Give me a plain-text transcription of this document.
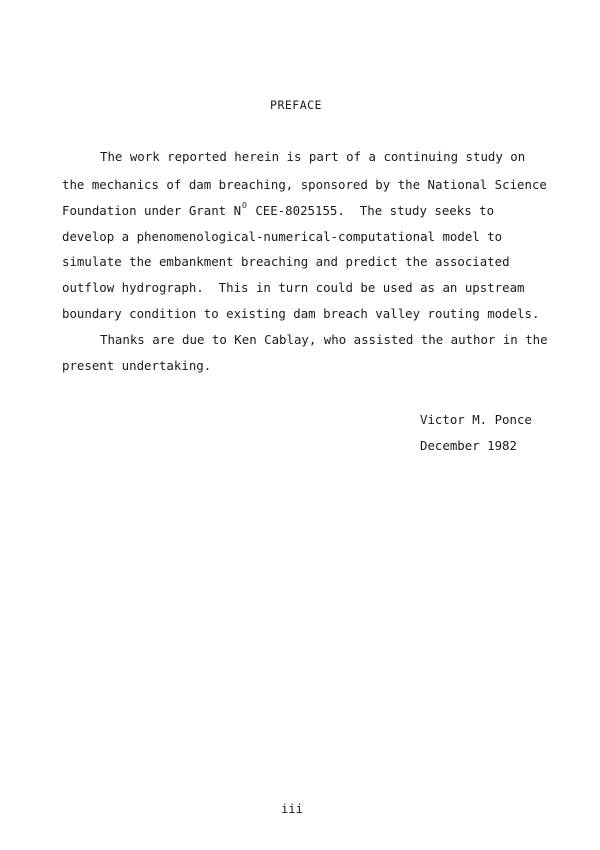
PREFACE
The work reported herein is part of a continuing study on
the mechanics of dam breaching, sponsored by the National Science
Foundation under Grant $N^O$ CEE-8025155.  The study seeks to
develop a phenomenological-numerical-computational model to
simulate the embankment breaching and predict the associated
outflow hydrograph.  This in turn could be used as an upstream
boundary condition to existing dam breach valley routing models.
Thanks are due to Ken Cablay, who assisted the author in the
present undertaking.
Victor M. Ponce
December 1982
iii
